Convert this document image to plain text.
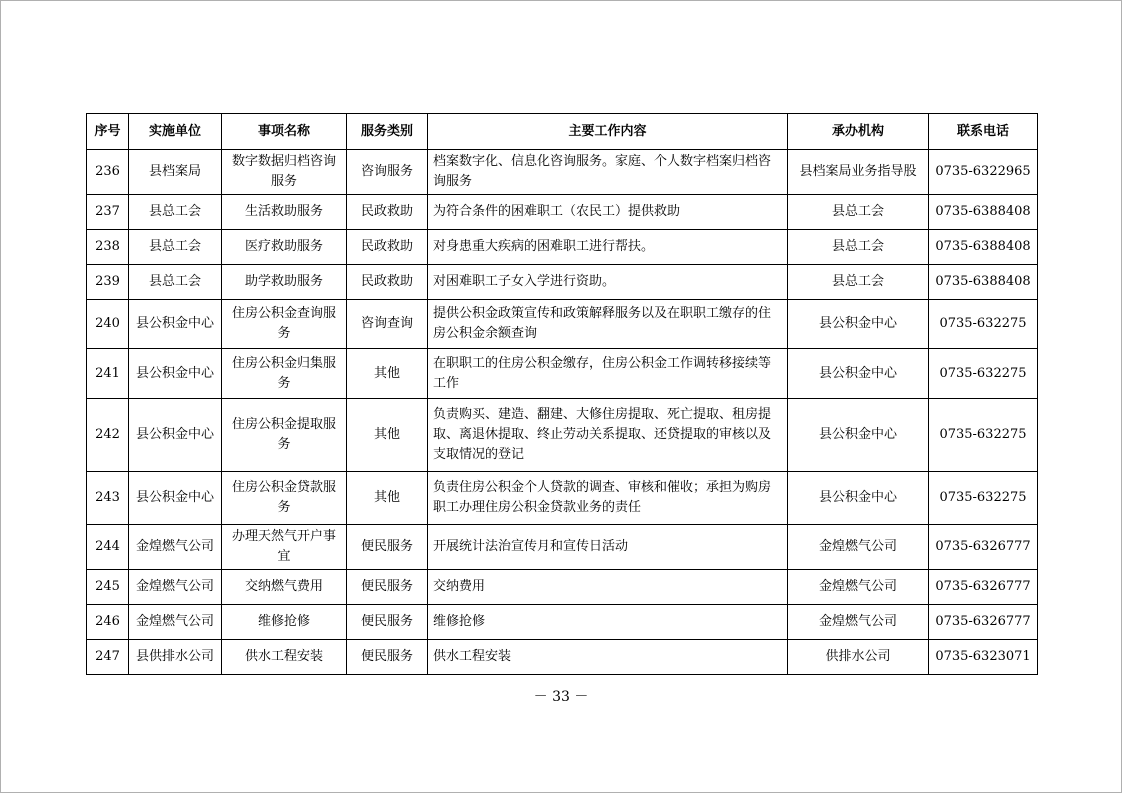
序号	实施单位	事项名称	服务类别	主要工作内容	承办机构	联系电话
236	县档案局	数字数据归档咨询服务	咨询服务	档案数字化、信息化咨询服务。家庭、个人数字档案归档咨询服务	县档案局业务指导股	0735-6322965
237	县总工会	生活救助服务	民政救助	为符合条件的困难职工（农民工）提供救助	县总工会	0735-6388408
238	县总工会	医疗救助服务	民政救助	对身患重大疾病的困难职工进行帮扶。	县总工会	0735-6388408
239	县总工会	助学救助服务	民政救助	对困难职工子女入学进行资助。	县总工会	0735-6388408
240	县公积金中心	住房公积金查询服务	咨询查询	提供公积金政策宣传和政策解释服务以及在职职工缴存的住房公积金余额查询	县公积金中心	0735-632275
241	县公积金中心	住房公积金归集服务	其他	在职职工的住房公积金缴存，住房公积金工作调转移接续等工作	县公积金中心	0735-632275
242	县公积金中心	住房公积金提取服务	其他	负责购买、建造、翻建、大修住房提取、死亡提取、租房提取、离退休提取、终止劳动关系提取、还贷提取的审核以及支取情况的登记	县公积金中心	0735-632275
243	县公积金中心	住房公积金贷款服务	其他	负责住房公积金个人贷款的调查、审核和催收；承担为购房职工办理住房公积金贷款业务的责任	县公积金中心	0735-632275
244	金煌燃气公司	办理天然气开户事宜	便民服务	开展统计法治宣传月和宣传日活动	金煌燃气公司	0735-6326777
245	金煌燃气公司	交纳燃气费用	便民服务	交纳费用	金煌燃气公司	0735-6326777
246	金煌燃气公司	维修抢修	便民服务	维修抢修	金煌燃气公司	0735-6326777
247	县供排水公司	供水工程安装	便民服务	供水工程安装	供排水公司	0735-6323071
－ 33 －
